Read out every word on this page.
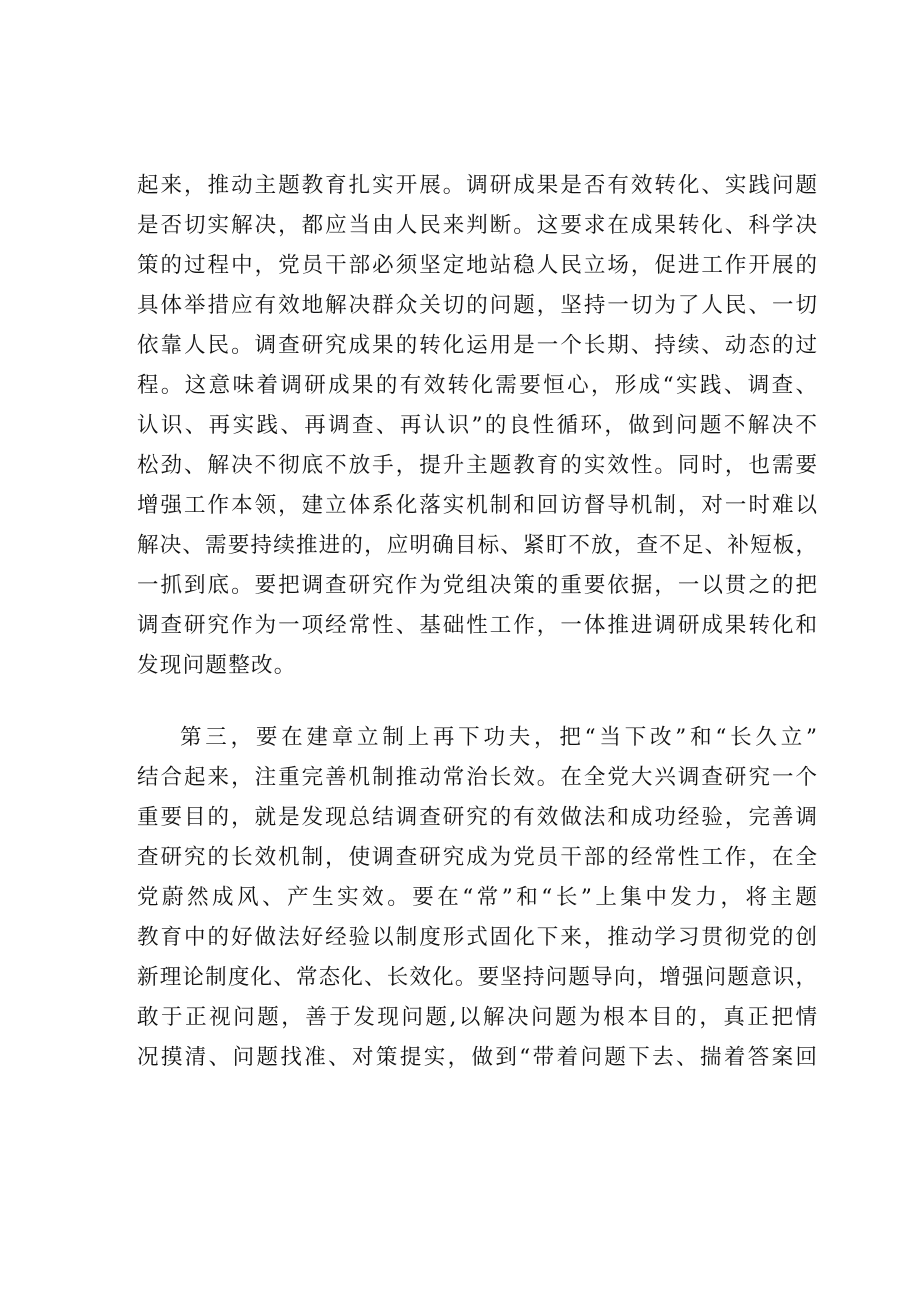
起来，推动主题教育扎实开展。调研成果是否有效转化、实践问题
是否切实解决，都应当由人民来判断。这要求在成果转化、科学决
策的过程中，党员干部必须坚定地站稳人民立场，促进工作开展的
具体举措应有效地解决群众关切的问题，坚持一切为了人民、一切
依靠人民。调查研究成果的转化运用是一个长期、持续、动态的过
程。这意味着调研成果的有效转化需要恒心，形成“实践、调查、
认识、再实践、再调查、再认识”的良性循环，做到问题不解决不
松劲、解决不彻底不放手，提升主题教育的实效性。同时，也需要
增强工作本领，建立体系化落实机制和回访督导机制，对一时难以
解决、需要持续推进的，应明确目标、紧盯不放，查不足、补短板，
一抓到底。要把调查研究作为党组决策的重要依据，一以贯之的把
调查研究作为一项经常性、基础性工作，一体推进调研成果转化和
发现问题整改。
第三，要在建章立制上再下功夫，把“当下改”和“长久立”
结合起来，注重完善机制推动常治长效。在全党大兴调查研究一个
重要目的，就是发现总结调查研究的有效做法和成功经验，完善调
查研究的长效机制，使调查研究成为党员干部的经常性工作，在全
党蔚然成风、产生实效。要在“常”和“长”上集中发力，将主题
教育中的好做法好经验以制度形式固化下来，推动学习贯彻党的创
新理论制度化、常态化、长效化。要坚持问题导向，增强问题意识，
敢于正视问题，善于发现问题,以解决问题为根本目的，真正把情
况摸清、问题找准、对策提实，做到“带着问题下去、揣着答案回
